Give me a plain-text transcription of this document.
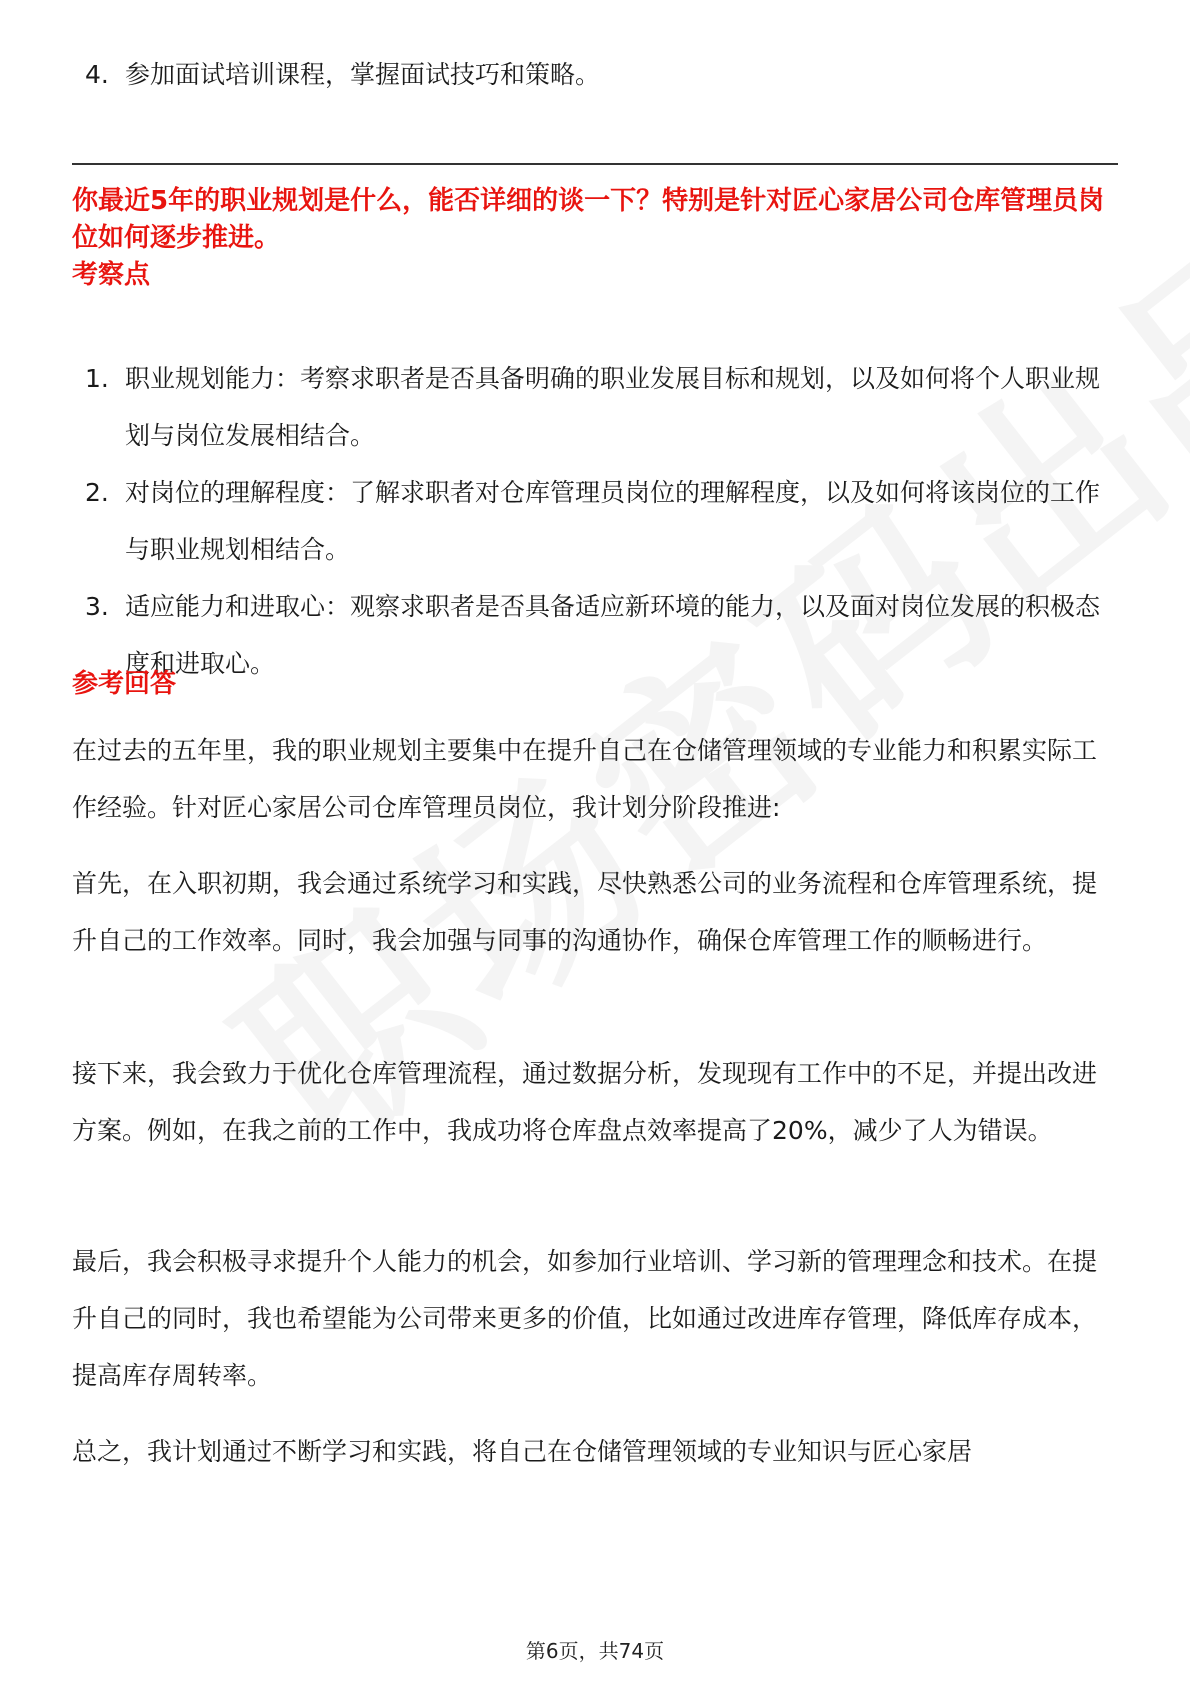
4. 参加面试培训课程，掌握面试技巧和策略。
你最近5年的职业规划是什么，能否详细的谈一下？特别是针对匠心家居公司仓库管理员岗位如何逐步推进。
考察点
1. 职业规划能力：考察求职者是否具备明确的职业发展目标和规划，以及如何将个人职业规划与岗位发展相结合。
2. 对岗位的理解程度：了解求职者对仓库管理员岗位的理解程度，以及如何将该岗位的工作与职业规划相结合。
3. 适应能力和进取心：观察求职者是否具备适应新环境的能力，以及面对岗位发展的积极态度和进取心。
参考回答

在过去的五年里，我的职业规划主要集中在提升自己在仓储管理领域的专业能力和积累实际工作经验。针对匠心家居公司仓库管理员岗位，我计划分阶段推进:

首先，在入职初期，我会通过系统学习和实践，尽快熟悉公司的业务流程和仓库管理系统，提升自己的工作效率。同时，我会加强与同事的沟通协作，确保仓库管理工作的顺畅进行。

接下来，我会致力于优化仓库管理流程，通过数据分析，发现现有工作中的不足，并提出改进方案。例如，在我之前的工作中，我成功将仓库盘点效率提高了20%，减少了人为错误。

最后，我会积极寻求提升个人能力的机会，如参加行业培训、学习新的管理理念和技术。在提升自己的同时，我也希望能为公司带来更多的价值，比如通过改进库存管理，降低库存成本，提高库存周转率。

总之，我计划通过不断学习和实践，将自己在仓储管理领域的专业知识与匠心家居

第6页，共74页
